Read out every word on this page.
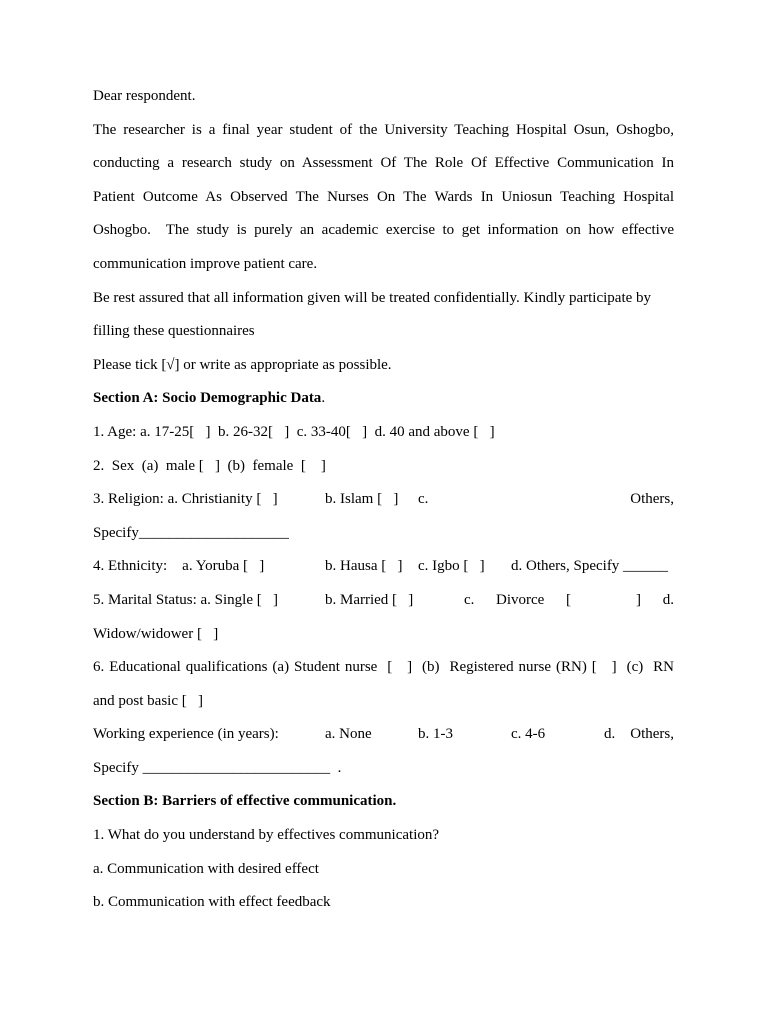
Dear respondent.
The researcher is a final year student of the University Teaching Hospital Osun, Oshogbo,
conducting a research study on Assessment Of The Role Of Effective Communication In
Patient Outcome As Observed The Nurses On The Wards In Uniosun Teaching Hospital
Oshogbo.  The study is purely an academic exercise to get information on how effective
communication improve patient care.
Be rest assured that all information given will be treated confidentially. Kindly participate by
filling these questionnaires
Please tick [√] or write as appropriate as possible.
Section A: Socio Demographic Data.
1. Age: a. 17-25[   ]  b. 26-32[   ]  c. 33-40[   ]  d. 40 and above [   ]
2.  Sex  (a)  male [   ]  (b)  female  [    ]
3. Religion: a. Christianity [   ]	b. Islam [   ]	c.	Others,
Specify____________________
4. Ethnicity:    a. Yoruba [   ]	b. Hausa [   ]	c. Igbo [   ]	d. Others, Specify ______
5. Marital Status: a. Single [   ]	b. Married [   ]	c.	Divorce	[	] d.
Widow/widower [   ]
6. Educational qualifications (a) Student nurse  [   ]  (b)  Registered nurse (RN) [   ]  (c)  RN
and post basic [   ]
Working experience (in years):	a. None	b. 1-3	c. 4-6	d. Others,
Specify _________________________  .
Section B: Barriers of effective communication.
1. What do you understand by effectives communication?
a. Communication with desired effect
b. Communication with effect feedback
